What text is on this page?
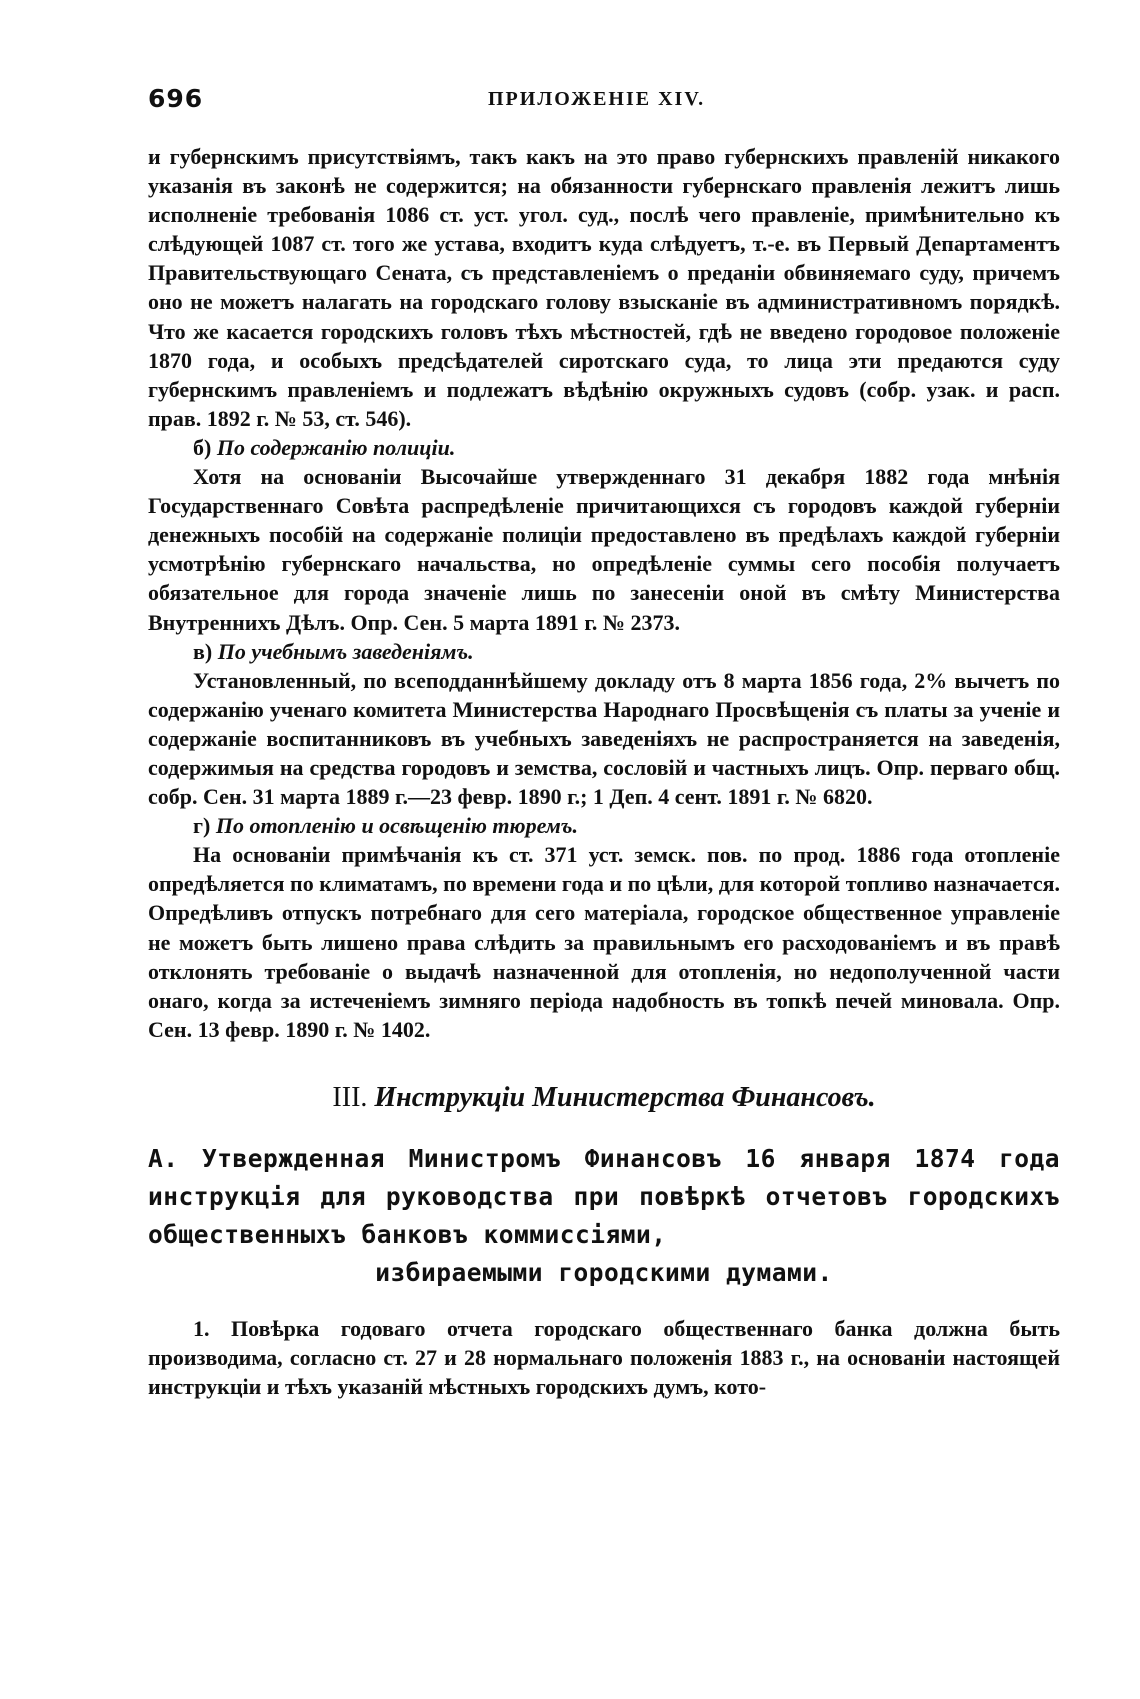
696	ПРИЛОЖЕНІЕ XIV.

и губернскимъ присутствіямъ, такъ какъ на это право губернскихъ правленій никакого указанія въ законѣ не содержится; на обязанности губернскаго правленія лежитъ лишь исполненіе требованія 1086 ст. уст. угол. суд., послѣ чего правленіе, примѣнительно къ слѣдующей 1087 ст. того же устава, входитъ куда слѣдуетъ, т.-е. въ Первый Департаментъ Правительствующаго Сената, съ представленіемъ о преданіи обвиняемаго суду, причемъ оно не можетъ налагать на городскаго голову взысканіе въ административномъ порядкѣ. Что же касается городскихъ головъ тѣхъ мѣстностей, гдѣ не введено городовое положеніе 1870 года, и особыхъ предсѣдателей сиротскаго суда, то лица эти предаются суду губернскимъ правленіемъ и подлежатъ вѣдѣнію окружныхъ судовъ (собр. узак. и расп. прав. 1892 г. № 53, ст. 546).

б) По содержанію полиціи.

Хотя на основаніи Высочайше утвержденнаго 31 декабря 1882 года мнѣнія Государственнаго Совѣта распредѣленіе причитающихся съ городовъ каждой губерніи денежныхъ пособій на содержаніе полиціи предоставлено въ предѣлахъ каждой губерніи усмотрѣнію губернскаго начальства, но опредѣленіе суммы сего пособія получаетъ обязательное для города значеніе лишь по занесеніи оной въ смѣту Министерства Внутреннихъ Дѣлъ. Опр. Сен. 5 марта 1891 г. № 2373.

в) По учебнымъ заведеніямъ.

Установленный, по всеподданнѣйшему докладу отъ 8 марта 1856 года, 2% вычетъ по содержанію ученаго комитета Министерства Народнаго Просвѣщенія съ платы за ученіе и содержаніе воспитанниковъ въ учебныхъ заведеніяхъ не распространяется на заведенія, содержимыя на средства городовъ и земства, сословій и частныхъ лицъ. Опр. перваго общ. собр. Сен. 31 марта 1889 г.—23 февр. 1890 г.; 1 Деп. 4 сент. 1891 г. № 6820.

г) По отопленію и освѣщенію тюремъ.

На основаніи примѣчанія къ ст. 371 уст. земск. пов. по прод. 1886 года отопленіе опредѣляется по климатамъ, по времени года и по цѣли, для которой топливо назначается. Опредѣливъ отпускъ потребнаго для сего матеріала, городское общественное управленіе не можетъ быть лишено права слѣдить за правильнымъ его расходованіемъ и въ правѣ отклонять требованіе о выдачѣ назначенной для отопленія, но недополученной части онаго, когда за истеченіемъ зимняго періода надобность въ топкѣ печей миновала. Опр. Сен. 13 февр. 1890 г. № 1402.

III. Инструкціи Министерства Финансовъ.
А. Утвержденная Министромъ Финансовъ 16 января 1874 года инструкція для руководства при повѣркѣ отчетовъ городскихъ общественныхъ банковъ коммиссіями,
избираемыми городскими думами.

1. Повѣрка годоваго отчета городскаго общественнаго банка должна быть производима, согласно ст. 27 и 28 нормальнаго положенія 1883 г., на основаніи настоящей инструкціи и тѣхъ указаній мѣстныхъ городскихъ думъ, кото-
